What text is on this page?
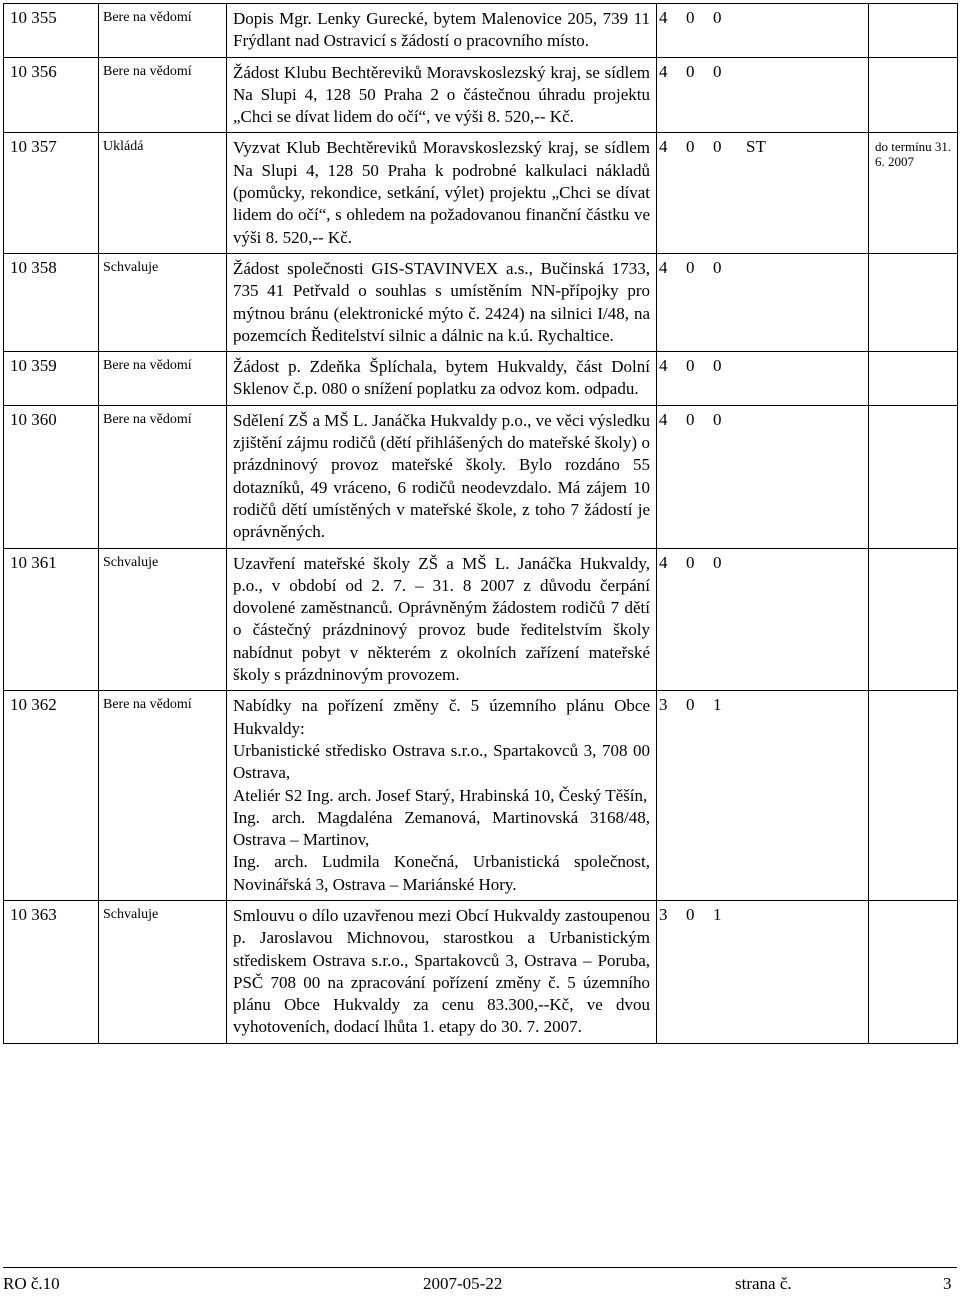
10 355	Bere na vědomí	Dopis Mgr. Lenky Gurecké, bytem Malenovice 205, 739 11 Frýdlant nad Ostravicí s žádostí o pracovního místo.	4 0 0	
10 356	Bere na vědomí	Žádost Klubu Bechtěreviků Moravskoslezský kraj, se sídlem Na Slupi 4, 128 50 Praha 2 o částečnou úhradu projektu „Chci se dívat lidem do očí“, ve výši 8. 520,-- Kč.	4 0 0	
10 357	Ukládá	Vyzvat Klub Bechtěreviků Moravskoslezský kraj, se sídlem Na Slupi 4, 128 50 Praha k podrobné kalkulaci nákladů (pomůcky, rekondice, setkání, výlet) projektu „Chci se dívat lidem do očí“, s ohledem na požadovanou finanční částku ve výši 8. 520,-- Kč.	4 0 0 ST	do termínu 31. 6. 2007
10 358	Schvaluje	Žádost společnosti GIS-STAVINVEX a.s., Bučinská 1733, 735 41 Petřvald o souhlas s umístěním NN-přípojky pro mýtnou bránu (elektronické mýto č. 2424) na silnici I/48, na pozemcích Ředitelství silnic a dálnic na k.ú. Rychaltice.	4 0 0	
10 359	Bere na vědomí	Žádost p. Zdeňka Šplíchala, bytem Hukvaldy, část Dolní Sklenov č.p. 080 o snížení poplatku za odvoz kom. odpadu.	4 0 0	
10 360	Bere na vědomí	Sdělení ZŠ a MŠ L. Janáčka Hukvaldy p.o., ve věci výsledku zjištění zájmu rodičů (dětí přihlášených do mateřské školy) o prázdninový provoz mateřské školy. Bylo rozdáno 55 dotazníků, 49 vráceno, 6 rodičů neodevzdalo. Má zájem 10 rodičů dětí umístěných v mateřské škole, z toho 7 žádostí je oprávněných.	4 0 0	
10 361	Schvaluje	Uzavření mateřské školy ZŠ a MŠ L. Janáčka Hukvaldy, p.o., v období od 2. 7. – 31. 8 2007 z důvodu čerpání dovolené zaměstnanců. Oprávněným žádostem rodičů 7 dětí o částečný prázdninový provoz bude ředitelstvím školy nabídnut pobyt v některém z okolních zařízení mateřské školy s prázdninovým provozem.	4 0 0	
10 362	Bere na vědomí	Nabídky na pořízení změny č. 5 územního plánu Obce Hukvaldy:

Urbanistické středisko Ostrava s.r.o., Spartakovců 3, 708 00 Ostrava,

Ateliér S2 Ing. arch. Josef Starý, Hrabinská 10, Český Těšín,

Ing. arch. Magdaléna Zemanová, Martinovská 3168/48, Ostrava – Martinov,

Ing. arch. Ludmila Konečná, Urbanistická společnost, Novinářská 3, Ostrava – Mariánské Hory.	3 0 1	
10 363	Schvaluje	Smlouvu o dílo uzavřenou mezi Obcí Hukvaldy zastoupenou p. Jaroslavou Michnovou, starostkou a Urbanistickým střediskem Ostrava s.r.o., Spartakovců 3, Ostrava – Poruba, PSČ 708 00 na zpracování pořízení změny č. 5 územního plánu Obce Hukvaldy za cenu 83.300,--Kč, ve dvou vyhotoveních, dodací lhůta 1. etapy do 30. 7. 2007.	3 0 1	
RO č.10	2007-05-22	strana č.	3
